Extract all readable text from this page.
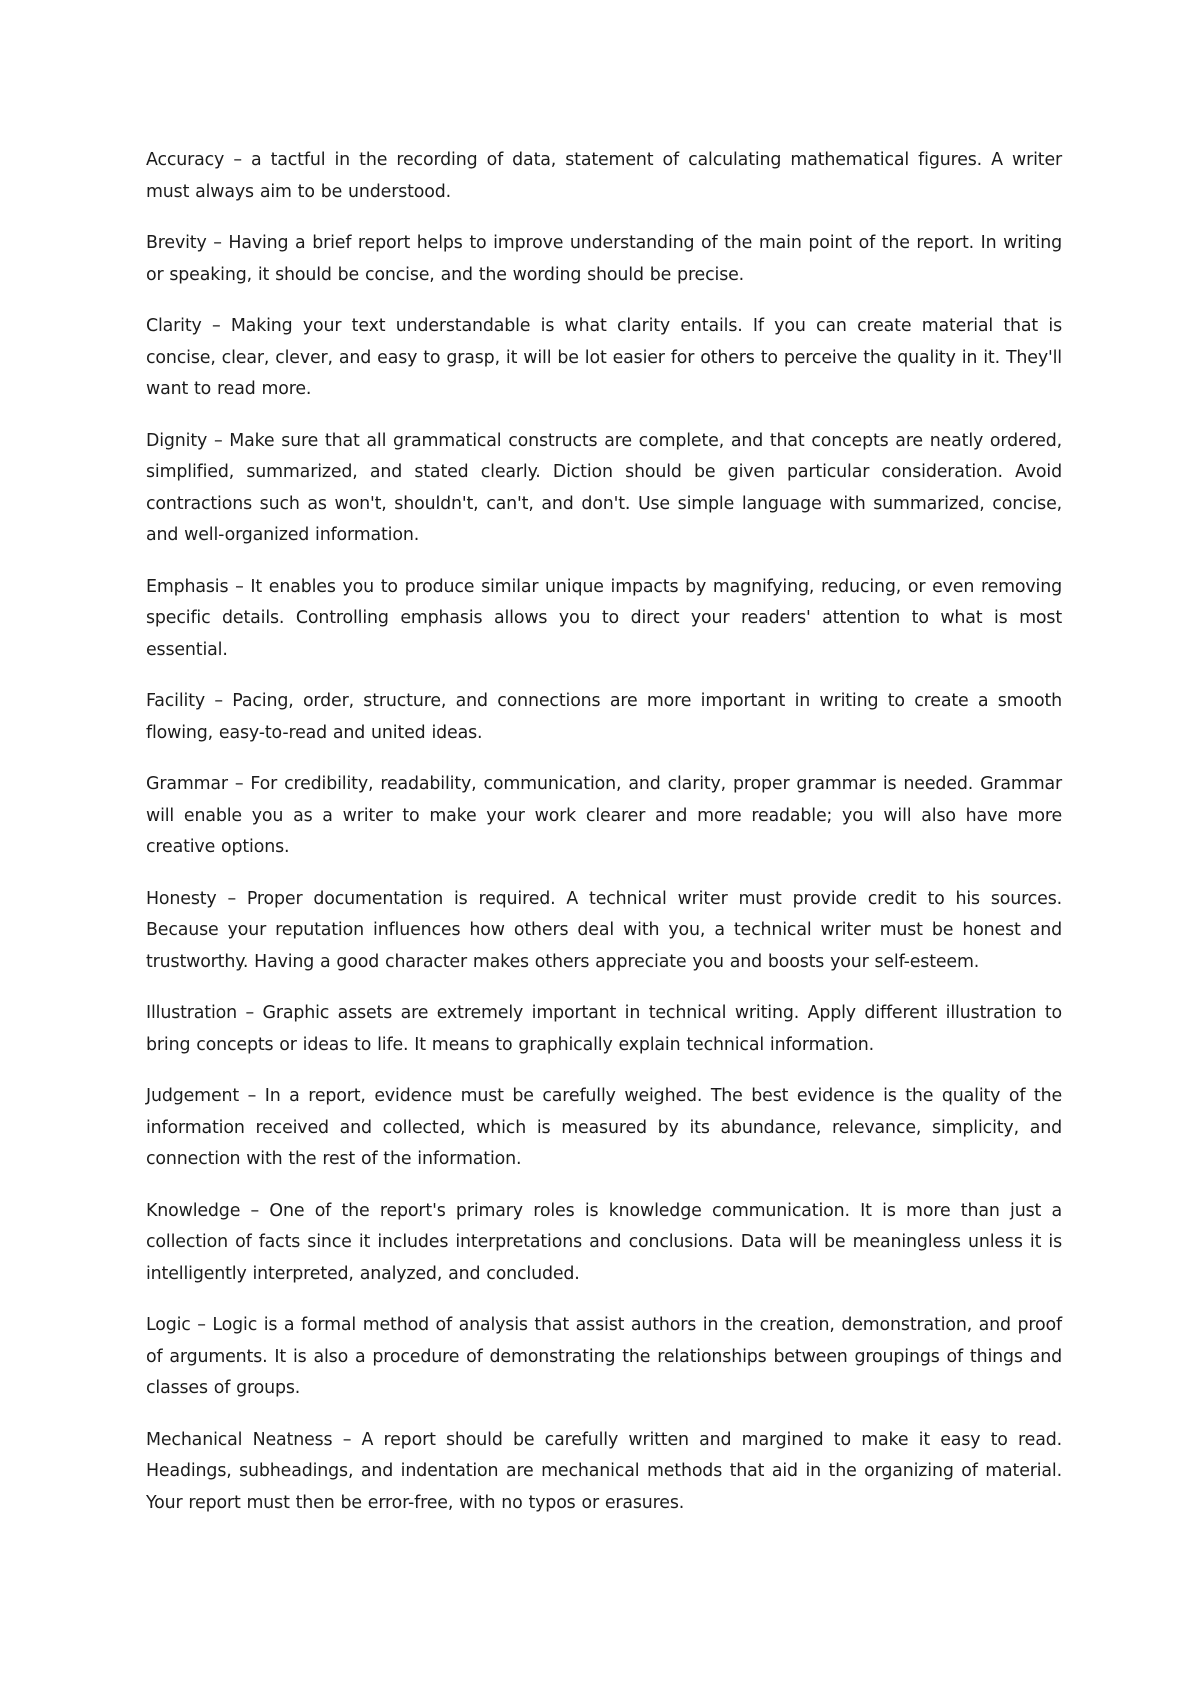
Accuracy – a tactful in the recording of data, statement of calculating mathematical figures. A writer must always aim to be understood.

Brevity – Having a brief report helps to improve understanding of the main point of the report. In writing or speaking, it should be concise, and the wording should be precise.

Clarity – Making your text understandable is what clarity entails. If you can create material that is concise, clear, clever, and easy to grasp, it will be lot easier for others to perceive the quality in it. They'll want to read more.

Dignity – Make sure that all grammatical constructs are complete, and that concepts are neatly ordered, simplified, summarized, and stated clearly. Diction should be given particular consideration. Avoid contractions such as won't, shouldn't, can't, and don't. Use simple language with summarized, concise, and well-organized information.

Emphasis – It enables you to produce similar unique impacts by magnifying, reducing, or even removing specific details. Controlling emphasis allows you to direct your readers' attention to what is most essential.

Facility – Pacing, order, structure, and connections are more important in writing to create a smooth flowing, easy-to-read and united ideas.

Grammar – For credibility, readability, communication, and clarity, proper grammar is needed. Grammar will enable you as a writer to make your work clearer and more readable; you will also have more creative options.

Honesty – Proper documentation is required. A technical writer must provide credit to his sources. Because your reputation influences how others deal with you, a technical writer must be honest and trustworthy. Having a good character makes others appreciate you and boosts your self-esteem.

Illustration – Graphic assets are extremely important in technical writing. Apply different illustration to bring concepts or ideas to life. It means to graphically explain technical information.

Judgement – In a report, evidence must be carefully weighed. The best evidence is the quality of the information received and collected, which is measured by its abundance, relevance, simplicity, and connection with the rest of the information.

Knowledge – One of the report's primary roles is knowledge communication. It is more than just a collection of facts since it includes interpretations and conclusions. Data will be meaningless unless it is intelligently interpreted, analyzed, and concluded.

Logic – Logic is a formal method of analysis that assist authors in the creation, demonstration, and proof of arguments. It is also a procedure of demonstrating the relationships between groupings of things and classes of groups.

Mechanical Neatness – A report should be carefully written and margined to make it easy to read. Headings, subheadings, and indentation are mechanical methods that aid in the organizing of material. Your report must then be error-free, with no typos or erasures.
